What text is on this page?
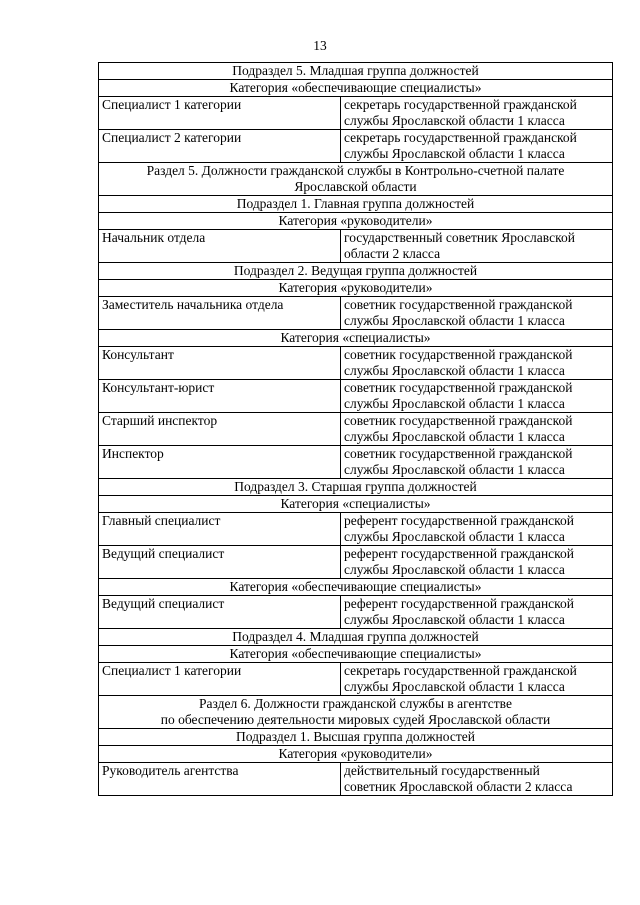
13
Подраздел 5. Младшая группа должностей	
Категория «обеспечивающие специалисты»	
Специалист 1 категории	секретарь государственной гражданской
службы Ярославской области 1 класса

Специалист 2 категории	секретарь государственной гражданской
службы Ярославской области 1 класса

Раздел 5. Должности гражданской службы в Контрольно-счетной палате
Ярославской области	

Подраздел 1. Главная группа должностей	
Категория «руководители»	
Начальник отдела	государственный советник Ярославской
области 2 класса

Подраздел 2. Ведущая группа должностей	
Категория «руководители»	
Заместитель начальника отдела	советник государственной гражданской
службы Ярославской области 1 класса

Категория «специалисты»	
Консультант	советник государственной гражданской
службы Ярославской области 1 класса

Консультант-юрист	советник государственной гражданской
службы Ярославской области 1 класса

Старший инспектор	советник государственной гражданской
службы Ярославской области 1 класса

Инспектор	советник государственной гражданской
службы Ярославской области 1 класса

Подраздел 3. Старшая группа должностей	
Категория «специалисты»	
Главный специалист	референт государственной гражданской
службы Ярославской области 1 класса

Ведущий специалист	референт государственной гражданской
службы Ярославской области 1 класса

Категория «обеспечивающие специалисты»	
Ведущий специалист	референт государственной гражданской
службы Ярославской области 1 класса

Подраздел 4. Младшая группа должностей	
Категория «обеспечивающие специалисты»	
Специалист 1 категории	секретарь государственной гражданской
службы Ярославской области 1 класса

Раздел 6. Должности гражданской службы в агентстве
по обеспечению деятельности мировых судей Ярославской области	

Подраздел 1. Высшая группа должностей	
Категория «руководители»	
Руководитель агентства	действительный государственный
советник Ярославской области 2 класса
